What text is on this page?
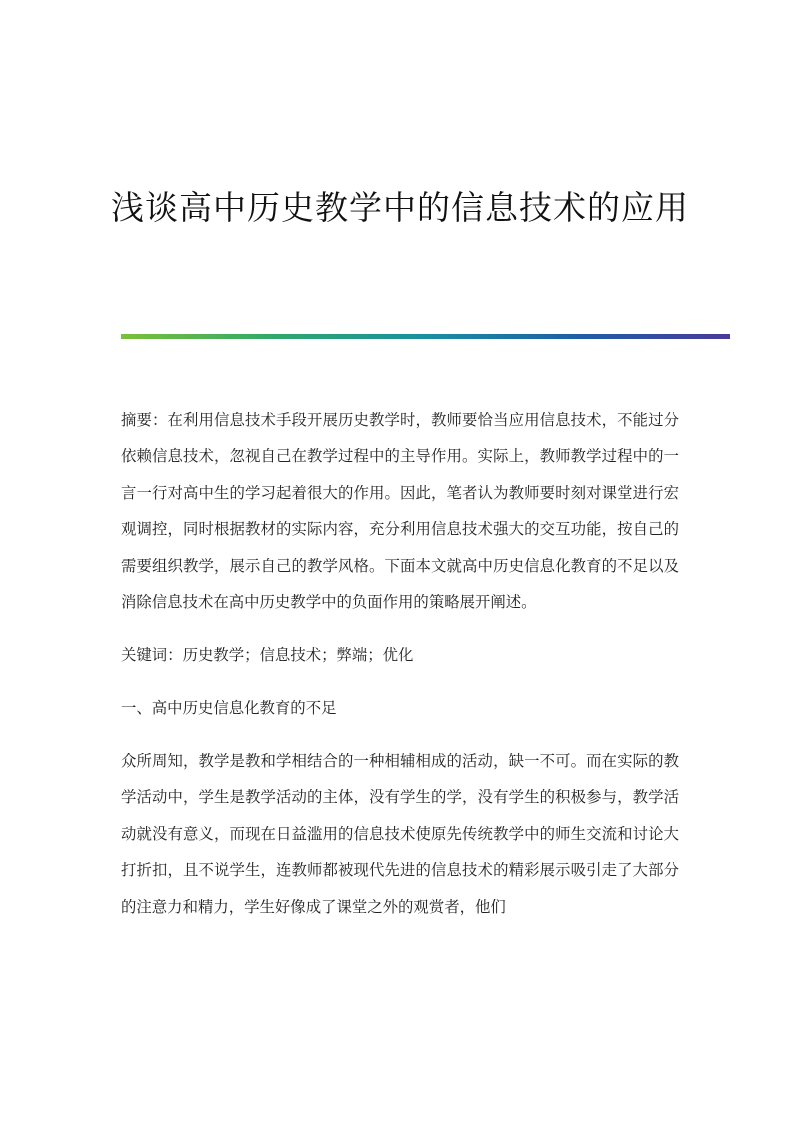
浅谈高中历史教学中的信息技术的应用

摘要：在利用信息技术手段开展历史教学时，教师要恰当应用信息技术，不能过分依赖信息技术，忽视自己在教学过程中的主导作用。实际上，教师教学过程中的一言一行对高中生的学习起着很大的作用。因此，笔者认为教师要时刻对课堂进行宏观调控，同时根据教材的实际内容，充分利用信息技术强大的交互功能，按自己的需要组织教学，展示自己的教学风格。下面本文就高中历史信息化教育的不足以及消除信息技术在高中历史教学中的负面作用的策略展开阐述。

关键词：历史教学；信息技术；弊端；优化

一、高中历史信息化教育的不足

众所周知，教学是教和学相结合的一种相辅相成的活动，缺一不可。而在实际的教学活动中，学生是教学活动的主体，没有学生的学，没有学生的积极参与，教学活动就没有意义，而现在日益滥用的信息技术使原先传统教学中的师生交流和讨论大打折扣，且不说学生，连教师都被现代先进的信息技术的精彩展示吸引走了大部分的注意力和精力，学生好像成了课堂之外的观赏者，他们
